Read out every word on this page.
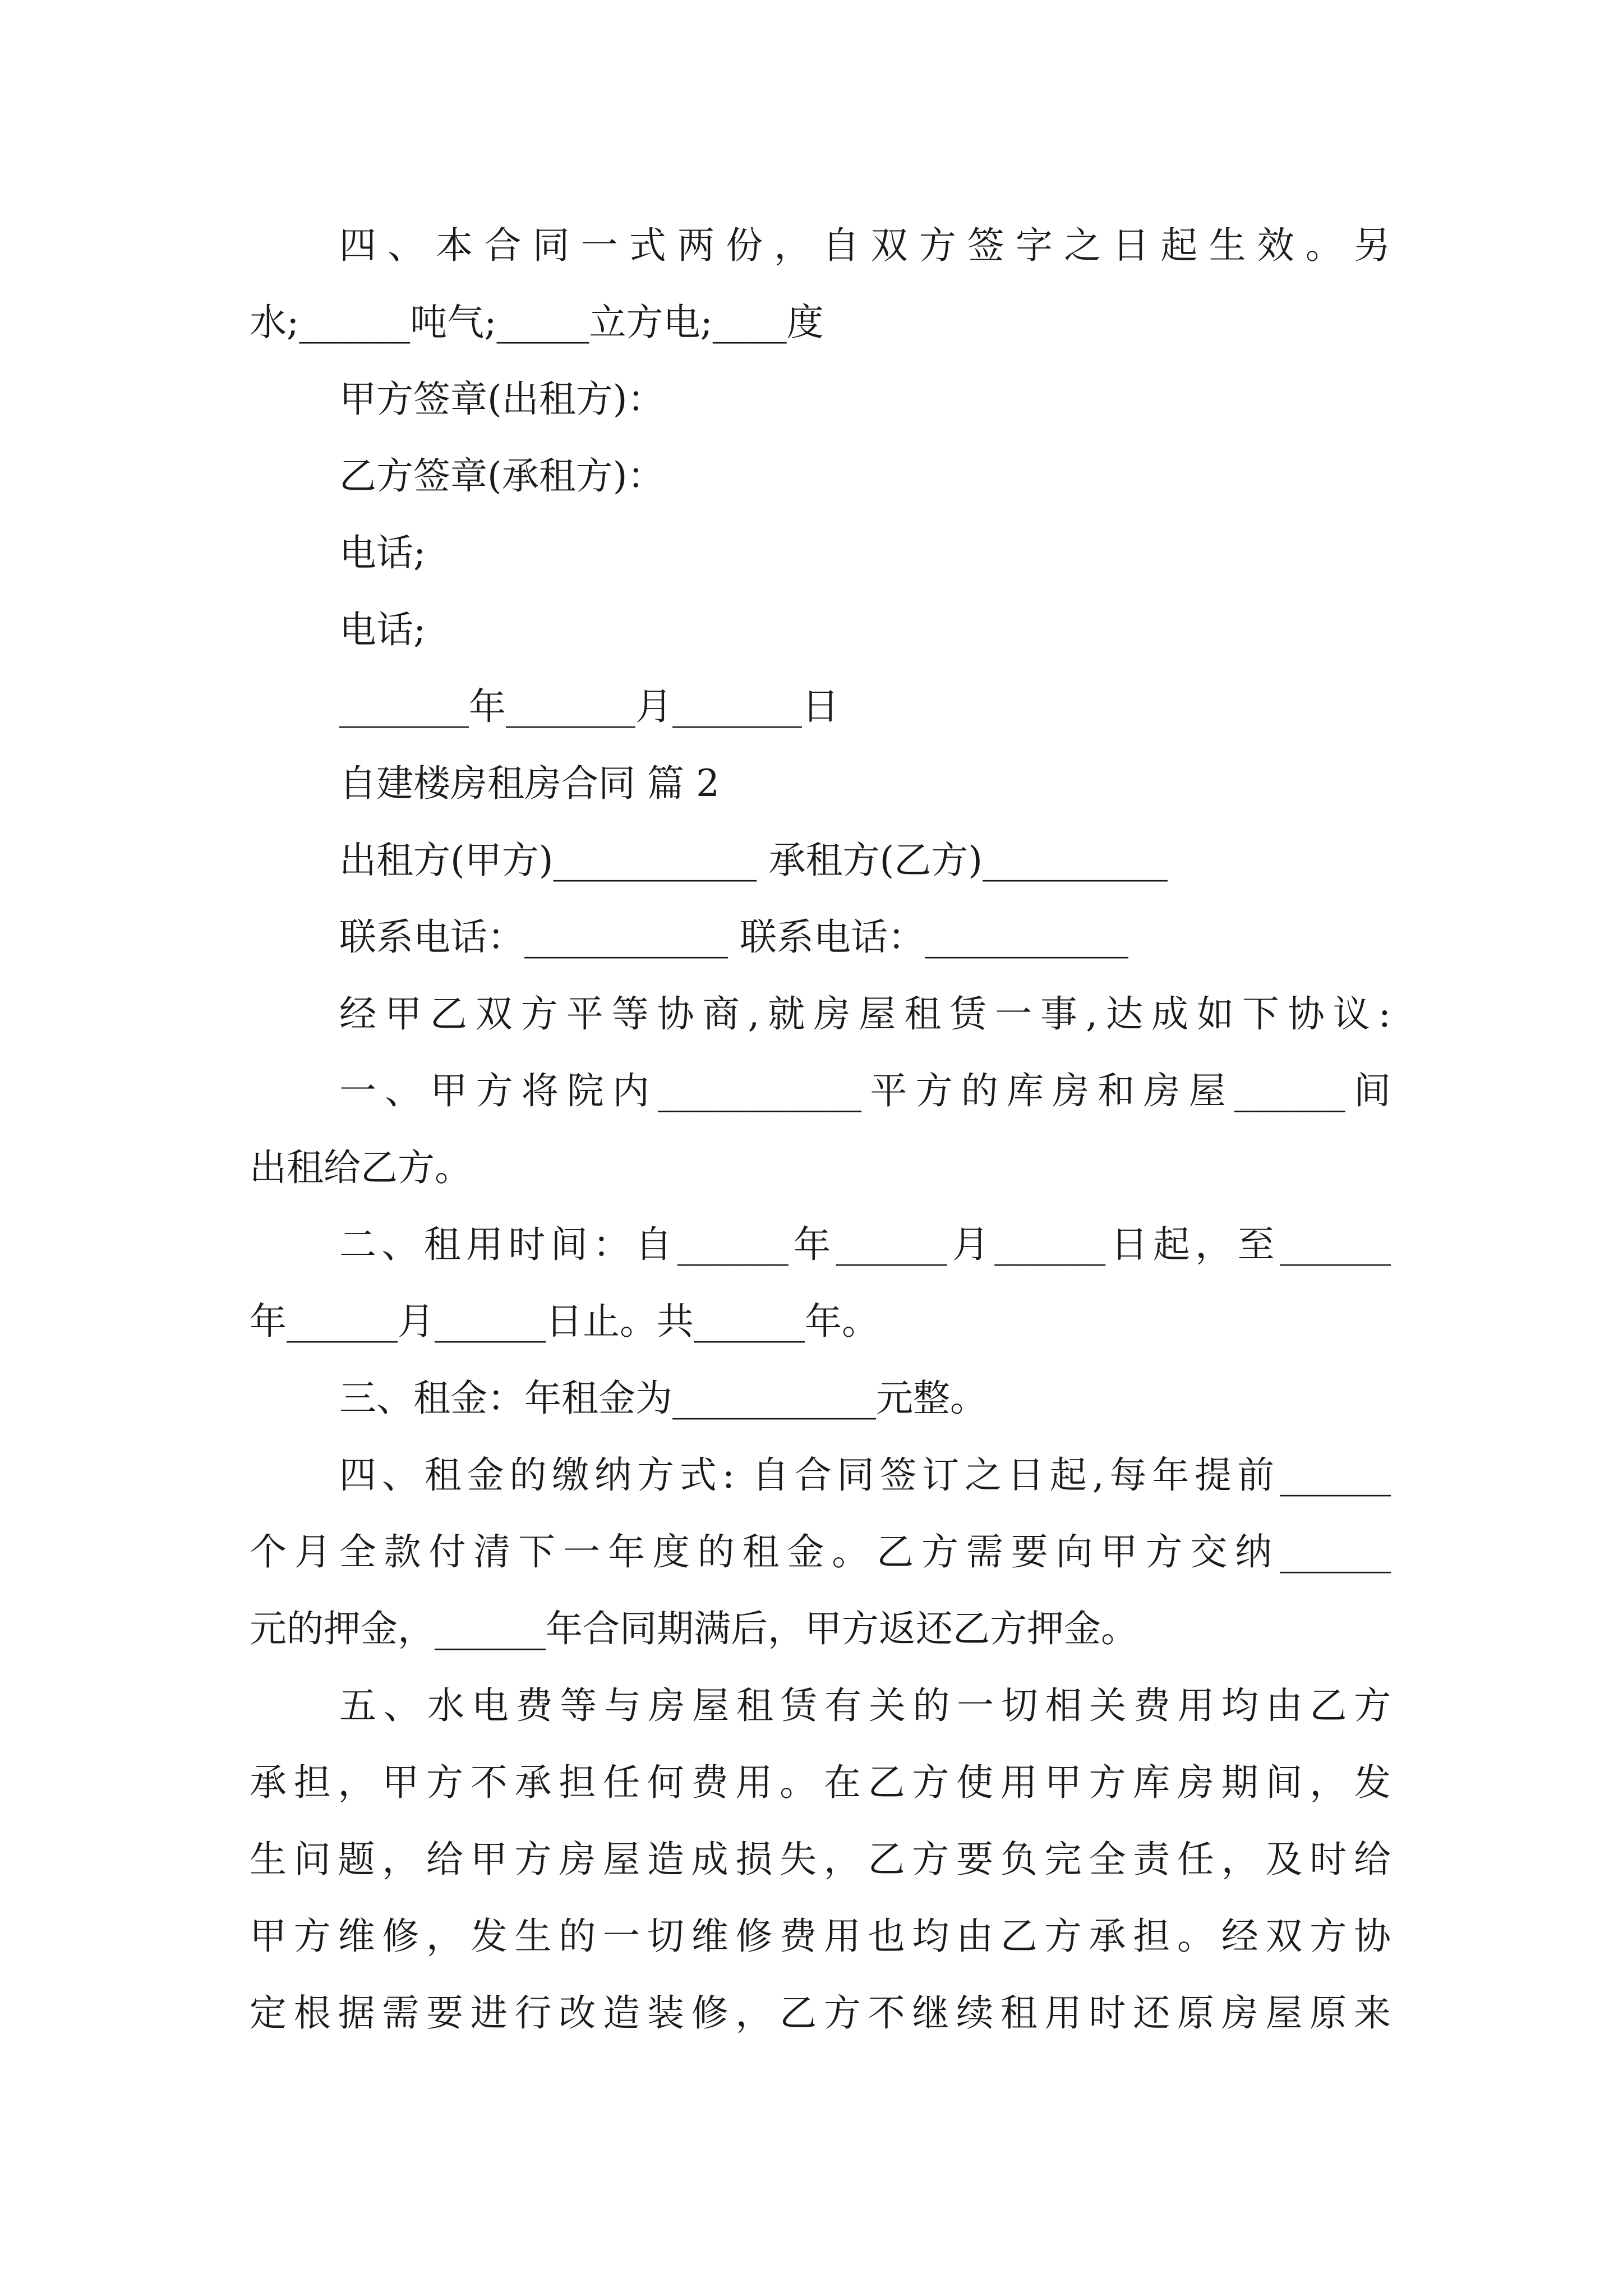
四、本合同一式两份，自双方签字之日起生效。另
水;______吨气;_____立方电;____度
甲方签章(出租方)：
乙方签章(承租方)：
电话;
电话;
_______年_______月_______日
自建楼房租房合同 篇 2
出租方(甲方)___________ 承租方(乙方)__________
联系电话：___________ 联系电话：___________
经甲乙双方平等协商,就房屋租赁一事,达成如下协议:
一、甲方将院内___________平方的库房和房屋______间
出租给乙方。
二、租用时间：自______年______月______日起，至______
年______月______日止。共______年。
三、租金：年租金为___________元整。
四、租金的缴纳方式: 自合同签订之日起,每年提前______
个月全款付清下一年度的租金。乙方需要向甲方交纳______
元的押金，______年合同期满后，甲方返还乙方押金。
五、水电费等与房屋租赁有关的一切相关费用均由乙方
承担，甲方不承担任何费用。在乙方使用甲方库房期间，发
生问题，给甲方房屋造成损失，乙方要负完全责任，及时给
甲方维修，发生的一切维修费用也均由乙方承担。经双方协
定根据需要进行改造装修，乙方不继续租用时还原房屋原来
